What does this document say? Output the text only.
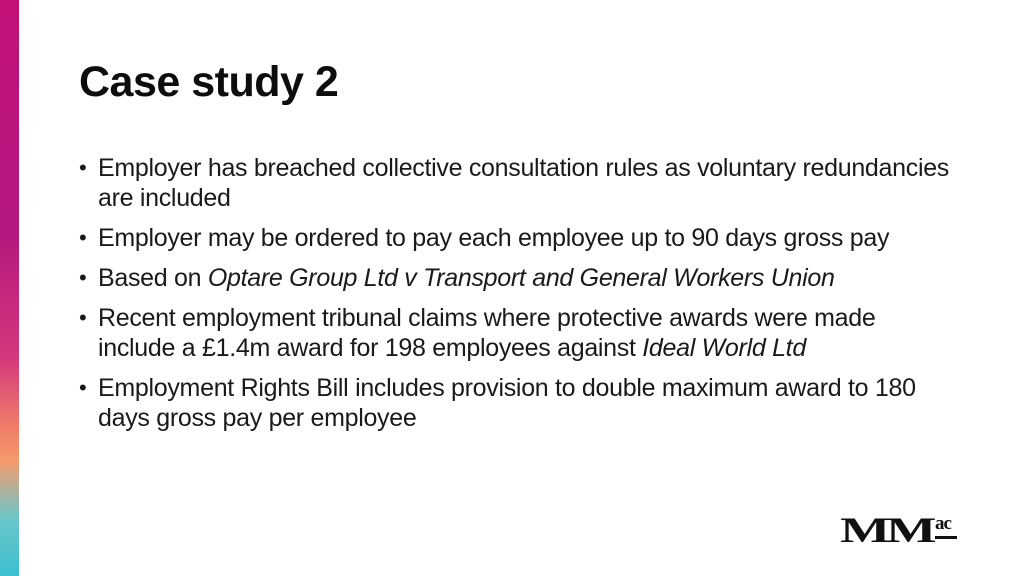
Case study 2
• Employer has breached collective consultation rules as voluntary redundancies are included
• Employer may be ordered to pay each employee up to 90 days gross pay
• Based on Optare Group Ltd v Transport and General Workers Union
• Recent employment tribunal claims where protective awards were made include a £1.4m award for 198 employees against Ideal World Ltd
• Employment Rights Bill includes provision to double maximum award to 180 days gross pay per employee
MM ac
